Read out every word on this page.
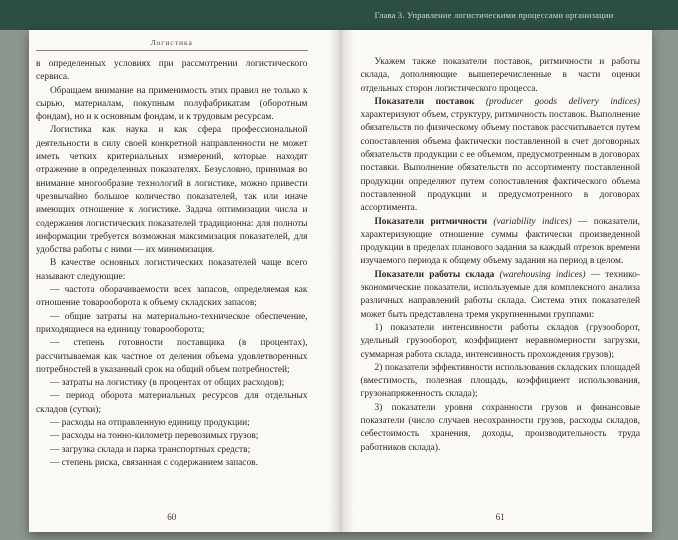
Глава 3. Управление логистическими процессами организации
Логистика

в определенных условиях при рассмотрении логистического сервиса.

Обращаем внимание на применимость этих правил не только к сырью, материалам, покупным полуфабрикатам (оборотным фондам), но и к основным фондам, и к трудовым ресурсам.

Логистика как наука и как сфера профессиональной деятельности в силу своей конкретной направленности не может иметь четких критериальных измерений, которые находят отражение в определенных показателях. Безусловно, принимая во внимание многообразие технологий в логистике, можно привести чрезвычайно большое количество показателей, так или иначе имеющих отношение к логистике. Задача оптимизации числа и содержания логистических показателей традиционна: для полноты информации требуется возможная максимизация показателей, для удобства работы с ними — их минимизация.

В качестве основных логистических показателей чаще всего называют следующие:

— частота оборачиваемости всех запасов, определяемая как отношение товарооборота к объему складских запасов;

— общие затраты на материально-техническое обеспечение, приходящиеся на единицу товарооборота;

— степень готовности поставщика (в процентах), рассчитываемая как частное от деления объема удовлетворенных потребностей в указанный срок на общий объем потребностей;

— затраты на логистику (в процентах от общих расходов);

— период оборота материальных ресурсов для отдельных складов (сутки);

— расходы на отправленную единицу продукции;

— расходы на тонно-километр перевозимых грузов;

— загрузка склада и парка транспортных средств;

— степень риска, связанная с содержанием запасов.

60

Укажем также показатели поставок, ритмичности и работы склада, дополняющие вышеперечисленные в части оценки отдельных сторон логистического процесса.

Показатели поставок (producer goods delivery indices) характеризуют объем, структуру, ритмичность поставок. Выполнение обязательств по физическому объему поставок рассчитывается путем сопоставления объема фактически поставленной в счет договорных обязательств продукции с ее объемом, предусмотренным в договорах поставки. Выполнение обязательств по ассортименту поставленной продукции определяют путем сопоставления фактического объема поставленной продукции и предусмотренного в договорах ассортимента.

Показатели ритмичности (variability indices) — показатели, характеризующие отношение суммы фактически произведенной продукции в пределах планового задания за каждый отрезок времени изучаемого периода к общему объему задания на период в целом.

Показатели работы склада (warehousing indices) — технико-экономические показатели, используемые для комплексного анализа различных направлений работы склада. Система этих показателей может быть представлена тремя укрупненными группами:

1) показатели интенсивности работы складов (грузооборот, удельный грузооборот, коэффициент неравномерности загрузки, суммарная работа склада, интенсивность прохождения грузов);

2) показатели эффективности использования складских площадей (вместимость, полезная площадь, коэффициент использования, грузонапряженность склада);

3) показатели уровня сохранности грузов и финансовые показатели (число случаев несохранности грузов, расходы складов, себестоимость хранения, доходы, производительность труда работников склада).

61
